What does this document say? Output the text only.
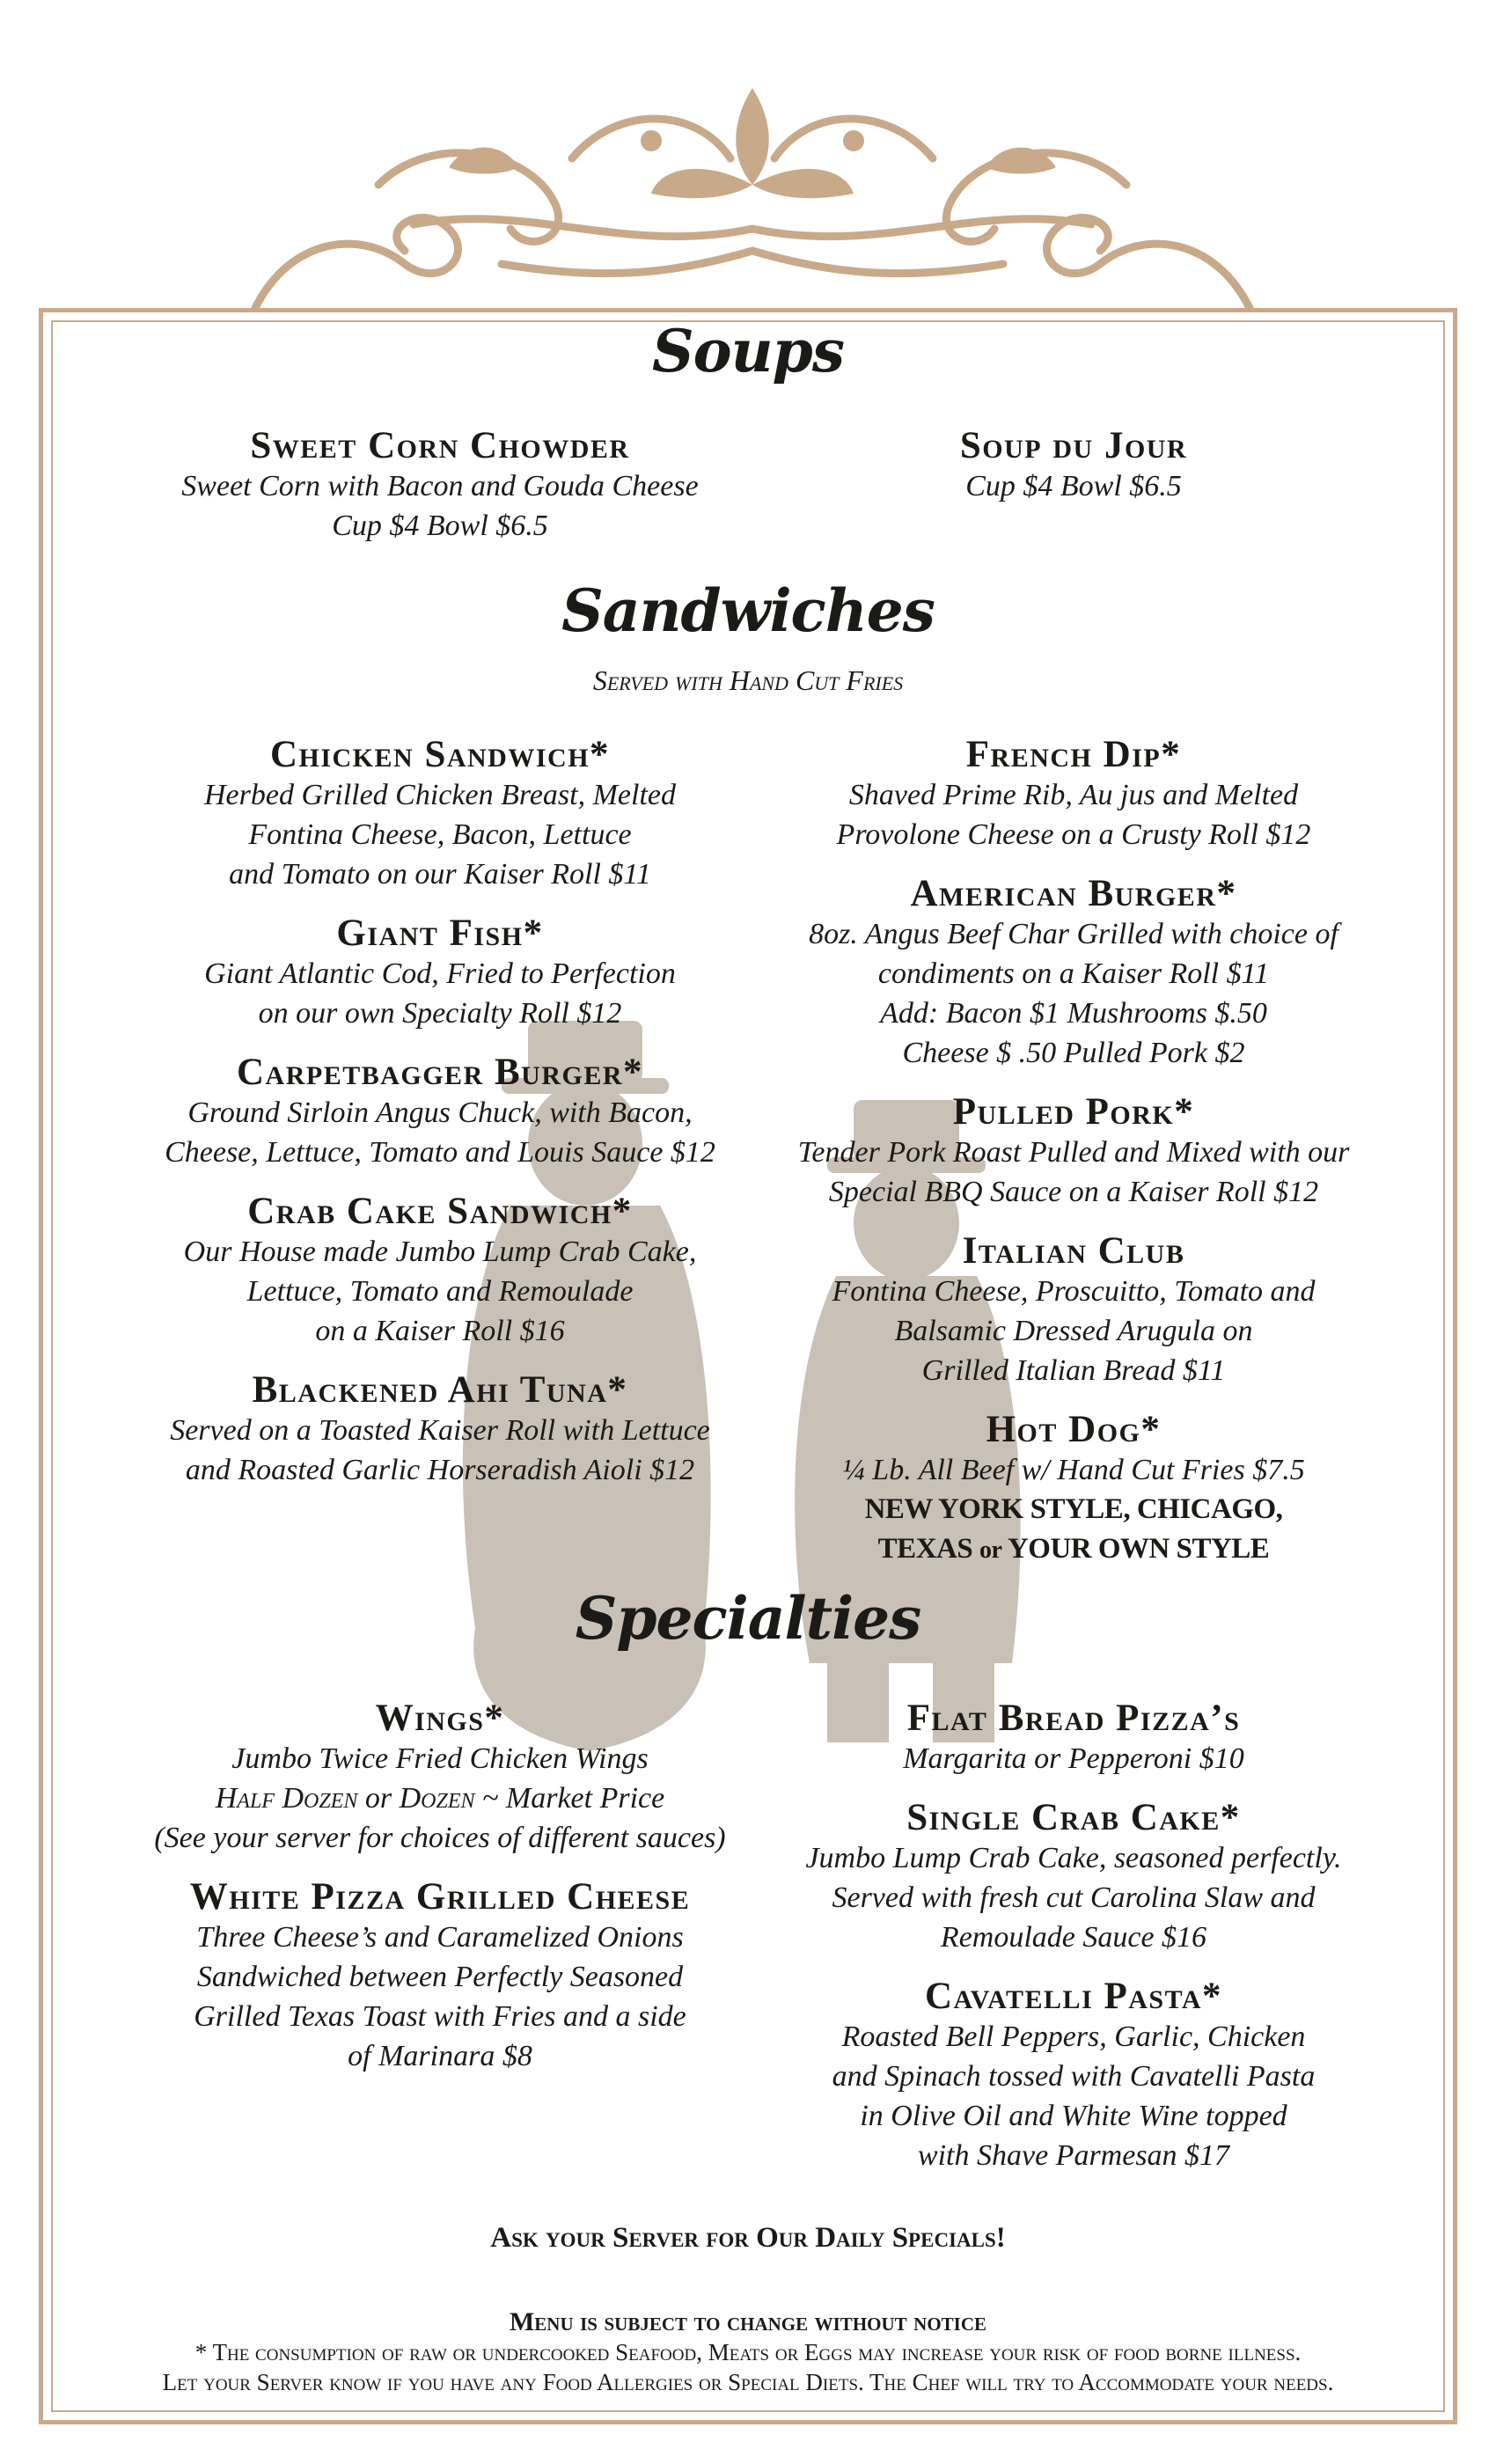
Soups
Sweet Corn Chowder
Sweet Corn with Bacon and Gouda Cheese
Cup $4 Bowl $6.5
Soup du Jour
Cup $4 Bowl $6.5
Sandwiches
Served with Hand Cut Fries
Chicken Sandwich*
Herbed Grilled Chicken Breast, Melted
Fontina Cheese, Bacon, Lettuce
and Tomato on our Kaiser Roll $11
Giant Fish*
Giant Atlantic Cod, Fried to Perfection
on our own Specialty Roll $12
Carpetbagger Burger*
Ground Sirloin Angus Chuck, with Bacon,
Cheese, Lettuce, Tomato and Louis Sauce $12
Crab Cake Sandwich*
Our House made Jumbo Lump Crab Cake,
Lettuce, Tomato and Remoulade
on a Kaiser Roll $16
Blackened Ahi Tuna*
Served on a Toasted Kaiser Roll with Lettuce
and Roasted Garlic Horseradish Aioli $12
French Dip*
Shaved Prime Rib, Au jus and Melted
Provolone Cheese on a Crusty Roll $12
American Burger*
8oz. Angus Beef Char Grilled with choice of
condiments on a Kaiser Roll $11
Add: Bacon $1 Mushrooms $.50
Cheese $ .50 Pulled Pork $2
Pulled Pork*
Tender Pork Roast Pulled and Mixed with our
Special BBQ Sauce on a Kaiser Roll $12
Italian Club
Fontina Cheese, Proscuitto, Tomato and
Balsamic Dressed Arugula on
Grilled Italian Bread $11
Hot Dog*
¼ Lb. All Beef w/ Hand Cut Fries $7.5
NEW YORK STYLE, CHICAGO,
TEXAS or YOUR OWN STYLE
Specialties
Wings*
Jumbo Twice Fried Chicken Wings
Half Dozen or Dozen ~ Market Price
(See your server for choices of different sauces)
White Pizza Grilled Cheese
Three Cheese’s and Caramelized Onions
Sandwiched between Perfectly Seasoned
Grilled Texas Toast with Fries and a side
of Marinara $8
Flat Bread Pizza’s
Margarita or Pepperoni $10
Single Crab Cake*
Jumbo Lump Crab Cake, seasoned perfectly.
Served with fresh cut Carolina Slaw and
Remoulade Sauce $16
Cavatelli Pasta*
Roasted Bell Peppers, Garlic, Chicken
and Spinach tossed with Cavatelli Pasta
in Olive Oil and White Wine topped
with Shave Parmesan $17
Ask your Server for Our Daily Specials!
Menu is subject to change without notice
* The consumption of raw or undercooked Seafood, Meats or Eggs may increase your risk of food borne illness.
Let your Server know if you have any Food Allergies or Special Diets. The Chef will try to Accommodate your needs.
